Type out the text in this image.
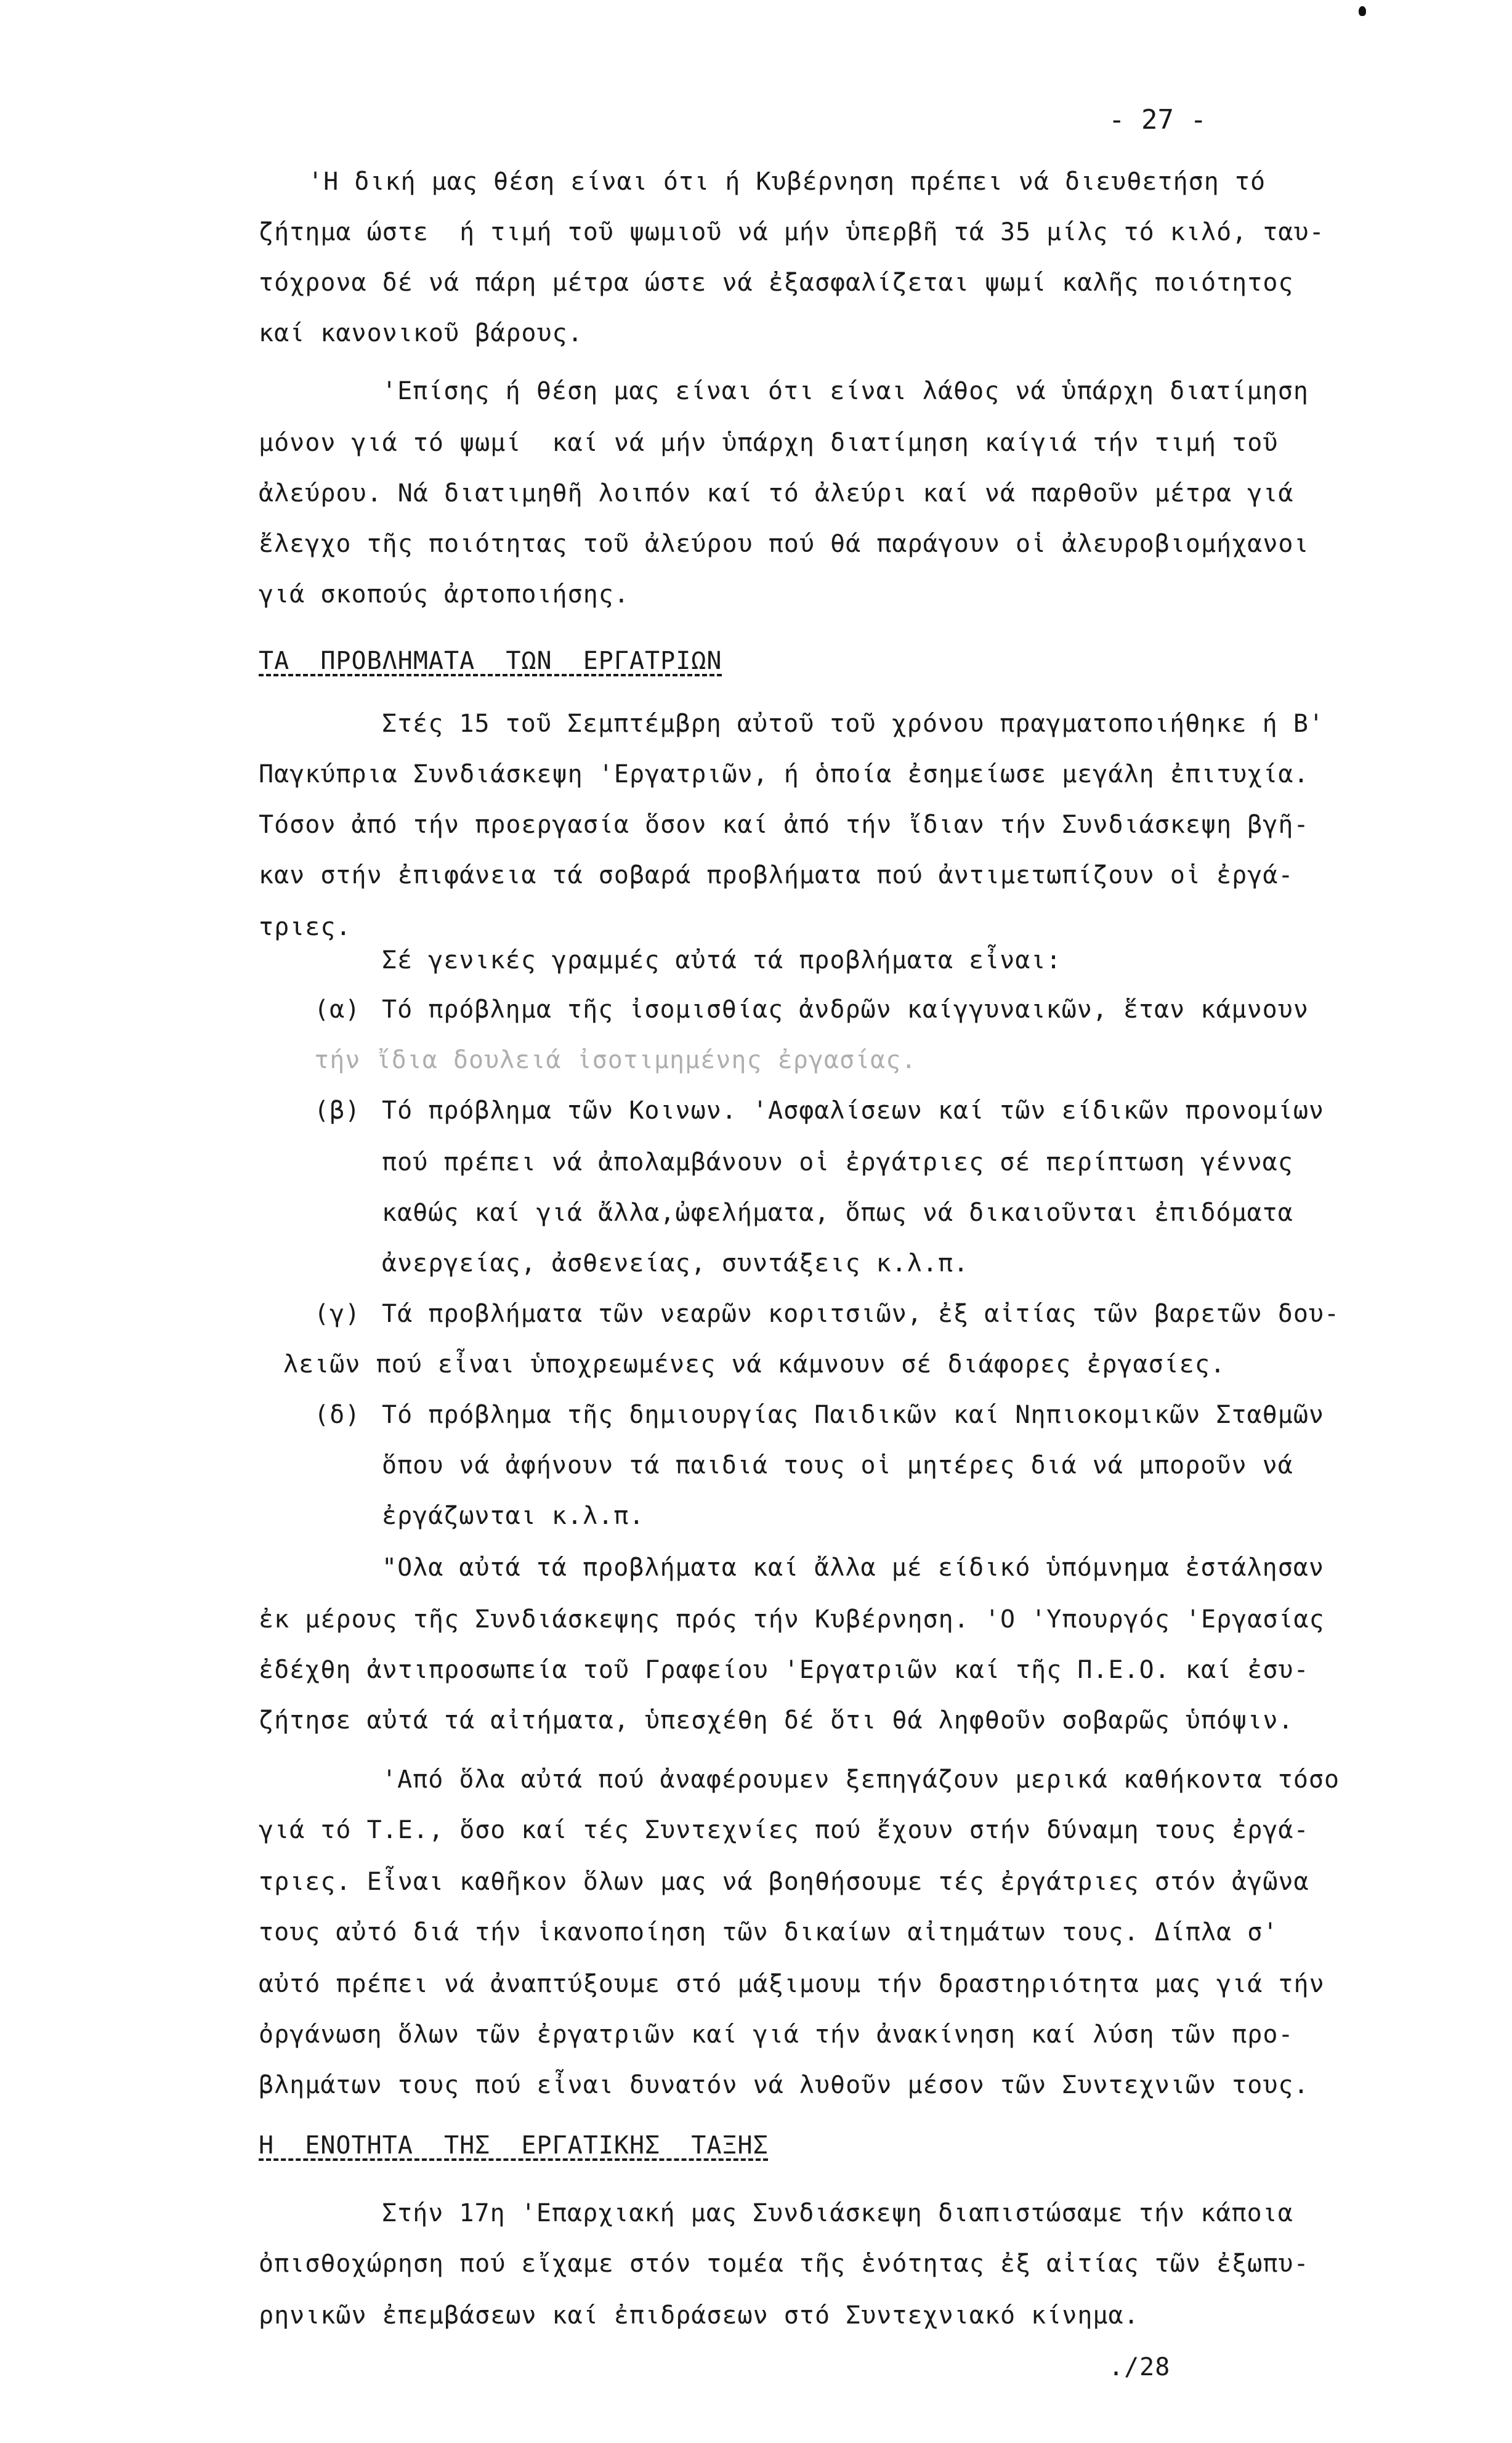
- 27 -
'Η δική μας θέση είναι ότι ή Κυβέρνηση πρέπει νά διευθετήση τό
ζήτημα ώστε  ή τιμή τοῦ ψωμιοῦ νά μήν ὑπερβῆ τά 35 μίλς τό κιλό, ταυ-
τόχρονα δέ νά πάρη μέτρα ώστε νά ἐξασφαλίζεται ψωμί καλῆς ποιότητος
καί κανονικοῦ βάρους.
'Επίσης ή θέση μας είναι ότι είναι λάθος νά ὑπάρχη διατίμηση
μόνον γιά τό ψωμί  καί νά μήν ὑπάρχη διατίμηση καίγιά τήν τιμή τοῦ
ἀλεύρου. Νά διατιμηθῆ λοιπόν καί τό ἀλεύρι καί νά παρθοῦν μέτρα γιά
ἔλεγχο τῆς ποιότητας τοῦ ἀλεύρου πού θά παράγουν οἱ ἀλευροβιομήχανοι
γιά σκοπούς ἀρτοποιήσης.
ΤΑ  ΠΡΟΒΛΗΜΑΤΑ  ΤΩΝ  ΕΡΓΑΤΡΙΩΝ
Στές 15 τοῦ Σεμπτέμβρη αὐτοῦ τοῦ χρόνου πραγματοποιήθηκε ή Β'
Παγκύπρια Συνδιάσκεψη 'Εργατριῶν, ή ὁποία ἐσημείωσε μεγάλη ἐπιτυχία.
Τόσον ἀπό τήν προεργασία ὅσον καί ἀπό τήν ἴδιαν τήν Συνδιάσκεψη βγῆ-
καν στήν ἐπιφάνεια τά σοβαρά προβλήματα πού ἀντιμετωπίζουν οἱ ἐργά-
τριες.
Σέ γενικές γραμμές αὐτά τά προβλήματα εἶναι:
(α) Τό πρόβλημα τῆς ἰσομισθίας ἀνδρῶν καίγγυναικῶν, ἕταν κάμνουν
τήν ἴδια δουλειά ἰσοτιμημένης ἐργασίας.
(β) Τό πρόβλημα τῶν Κοινων. 'Ασφαλίσεων καί τῶν είδικῶν προνομίων
πού πρέπει νά ἀπολαμβάνουν οἱ ἐργάτριες σέ περίπτωση γέννας
καθώς καί γιά ἄλλα,ὠφελήματα, ὅπως νά δικαιοῦνται ἐπιδόματα
ἀνεργείας, ἀσθενείας, συντάξεις κ.λ.π.
(γ) Τά προβλήματα τῶν νεαρῶν κοριτσιῶν, ἐξ αἰτίας τῶν βαρετῶν δου-
λειῶν πού εἶναι ὑποχρεωμένες νά κάμνουν σέ διάφορες ἐργασίες.
(δ) Τό πρόβλημα τῆς δημιουργίας Παιδικῶν καί Νηπιοκομικῶν Σταθμῶν
ὅπου νά ἀφήνουν τά παιδιά τους οἱ μητέρες διά νά μποροῦν νά
ἐργάζωνται κ.λ.π.
"Ολα αὐτά τά προβλήματα καί ἄλλα μέ είδικό ὑπόμνημα ἐστάλησαν
ἐκ μέρους τῆς Συνδιάσκεψης πρός τήν Κυβέρνηση. 'Ο 'Υπουργός 'Εργασίας
ἐδέχθη ἀντιπροσωπεία τοῦ Γραφείου 'Εργατριῶν καί τῆς Π.Ε.Ο. καί ἐσυ-
ζήτησε αὐτά τά αἰτήματα, ὑπεσχέθη δέ ὅτι θά ληφθοῦν σοβαρῶς ὑπόψιν.
'Από ὅλα αὐτά πού ἀναφέρουμεν ξεπηγάζουν μερικά καθήκοντα τόσο
γιά τό Τ.Ε., ὅσο καί τές Συντεχνίες πού ἔχουν στήν δύναμη τους ἐργά-
τριες. Εἶναι καθῆκον ὅλων μας νά βοηθήσουμε τές ἐργάτριες στόν ἀγῶνα
τους αὐτό διά τήν ἱκανοποίηση τῶν δικαίων αἰτημάτων τους. Δίπλα σ'
αὐτό πρέπει νά ἀναπτύξουμε στό μάξιμουμ τήν δραστηριότητα μας γιά τήν
ὀργάνωση ὅλων τῶν ἐργατριῶν καί γιά τήν ἀνακίνηση καί λύση τῶν προ-
βλημάτων τους πού εἶναι δυνατόν νά λυθοῦν μέσον τῶν Συντεχνιῶν τους.
Η  ΕΝΟΤΗΤΑ  ΤΗΣ  ΕΡΓΑΤΙΚΗΣ  ΤΑΞΗΣ
Στήν 17η 'Επαρχιακή μας Συνδιάσκεψη διαπιστώσαμε τήν κάποια
ὀπισθοχώρηση πού εἴχαμε στόν τομέα τῆς ἑνότητας ἐξ αἰτίας τῶν ἐξωπυ-
ρηνικῶν ἐπεμβάσεων καί ἐπιδράσεων στό Συντεχνιακό κίνημα.
./28
